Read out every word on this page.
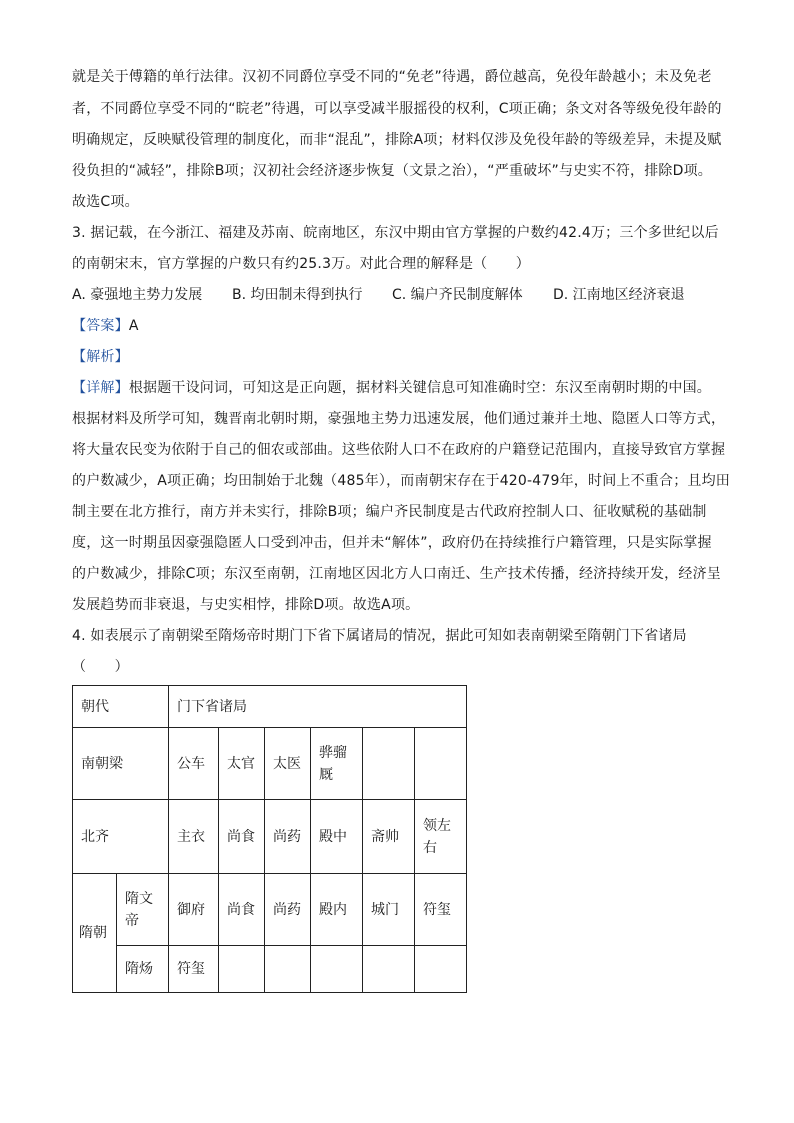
就是关于傅籍的单行法律。汉初不同爵位享受不同的“免老”待遇，爵位越高，免役年龄越小；未及免老
者，不同爵位享受不同的“睆老”待遇，可以享受减半服摇役的权利，C项正确；条文对各等级免役年龄的
明确规定，反映赋役管理的制度化，而非“混乱”，排除A项；材料仅涉及免役年龄的等级差异，未提及赋
役负担的“减轻”，排除B项；汉初社会经济逐步恢复（文景之治），“严重破坏”与史实不符，排除D项。
故选C项。
3. 据记载，在今浙江、福建及苏南、皖南地区，东汉中期由官方掌握的户数约42.4万；三个多世纪以后
的南朝宋末，官方掌握的户数只有约25.3万。对此合理的解释是（　　）
A. 豪强地主势力发展 B. 均田制未得到执行 C. 编户齐民制度解体 D. 江南地区经济衰退
【答案】A
【解析】
【详解】根据题干设问词，可知这是正向题，据材料关键信息可知准确时空：东汉至南朝时期的中国。
根据材料及所学可知，魏晋南北朝时期，豪强地主势力迅速发展，他们通过兼并土地、隐匿人口等方式，
将大量农民变为依附于自己的佃农或部曲。这些依附人口不在政府的户籍登记范围内，直接导致官方掌握
的户数减少，A项正确；均田制始于北魏（485年），而南朝宋存在于420-479年，时间上不重合；且均田
制主要在北方推行，南方并未实行，排除B项；编户齐民制度是古代政府控制人口、征收赋税的基础制
度，这一时期虽因豪强隐匿人口受到冲击，但并未“解体”，政府仍在持续推行户籍管理，只是实际掌握
的户数减少，排除C项；东汉至南朝，江南地区因北方人口南迁、生产技术传播，经济持续开发，经济呈
发展趋势而非衰退，与史实相悖，排除D项。故选A项。
4. 如表展示了南朝梁至隋炀帝时期门下省下属诸局的情况，据此可知如表南朝梁至隋朝门下省诸局
（　　）
朝代		门下省诸局					
南朝梁		公车	太官	太医	骅骝厩		
北齐		主衣	尚食	尚药	殿中	斋帅	领左右
隋朝	隋文帝	御府	尚食	尚药	殿内	城门	符玺
	隋炀	符玺					
